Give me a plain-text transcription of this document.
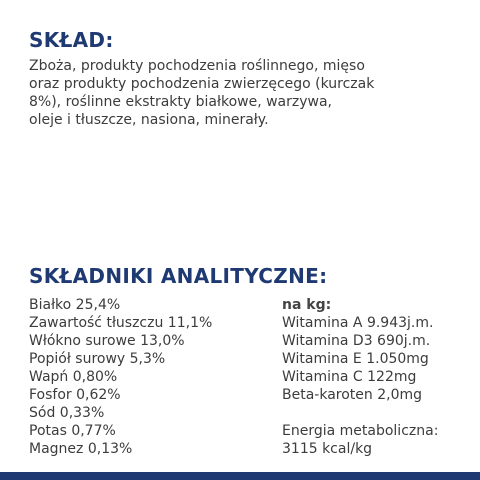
SKŁAD:
Zboża, produkty pochodzenia roślinnego, mięso
oraz produkty pochodzenia zwierzęcego (kurczak
8%), roślinne ekstrakty białkowe, warzywa,
oleje i tłuszcze, nasiona, minerały.
SKŁADNIKI ANALITYCZNE:
Białko 25,4%
Zawartość tłuszczu 11,1%
Włókno surowe 13,0%
Popiół surowy 5,3%
Wapń 0,80%
Fosfor 0,62%
Sód 0,33%
Potas 0,77%
Magnez 0,13%
na kg:
Witamina A 9.943j.m.
Witamina D3 690j.m.
Witamina E 1.050mg
Witamina C 122mg
Beta-karoten 2,0mg
Energia metaboliczna:
3115 kcal/kg
